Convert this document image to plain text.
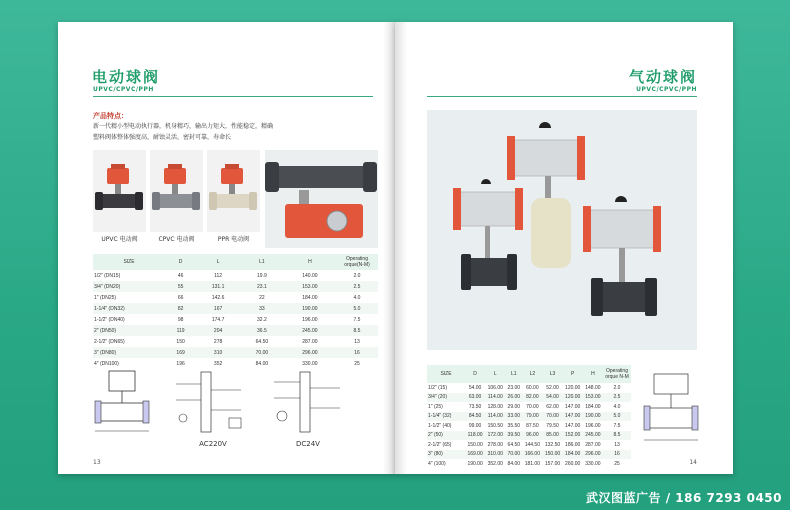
电动球阀
UPVC/CPVC/PPH
产品特点：
新一代精小型电动执行器，机身精巧，输出力矩大，性能稳定，精确
塑料阀体整体强度高，耐蚀灵活，密封可靠，寿命长
UPVC 电动阀	CPVC 电动阀	PPR 电动阀
SIZE	D	L	L1	H	Operating orque(N-M)
1/2" (DN15)	46	112	19.9	140.00	2.0
3/4" (DN20)	55	131.1	23.1	153.00	2.5
1" (DN25)	66	142.6	22	184.00	4.0
1-1/4" (DN32)	82	167	33	190.00	5.0
1-1/2" (DN40)	98	174.7	32.2	196.00	7.5
2" (DN50)	119	204	36.5	245.00	8.5
2-1/2" (DN65)	150	278	64.50	287.00	13
3" (DN80)	169	310	70.00	296.00	16
4" (DN100)	196	352	84.00	330.00	25
AC220V	DC24V
13
气动球阀
UPVC/CPVC/PPH
SIZE	D	L	L1	L2	L3	P	H	Operating orque N-M
1/2" (15)	54.00	106.00	23.00	60.00	52.00	120.00	148.00	2.0
3/4" (20)	63.00	114.00	26.00	82.00	54.00	120.00	153.00	2.5
1" (25)	73.50	128.00	29.00	70.00	62.00	147.00	184.00	4.0
1-1/4" (32)	84.50	114.00	33.00	79.00	70.00	147.00	190.00	5.0
1-1/2" (40)	99.00	150.50	35.50	87.50	79.50	147.00	196.00	7.5
2" (50)	118.00	172.00	39.50	96.00	85.00	152.00	245.00	8.5
2-1/2" (65)	150.00	278.00	64.50	144.50	132.50	186.00	287.00	13
3" (80)	169.00	310.00	70.00	166.00	150.00	184.00	296.00	16
4" (100)	190.00	352.00	84.00	181.00	157.00	260.00	330.00	25	14
武汉图蓝广告 / 186 7293 0450
